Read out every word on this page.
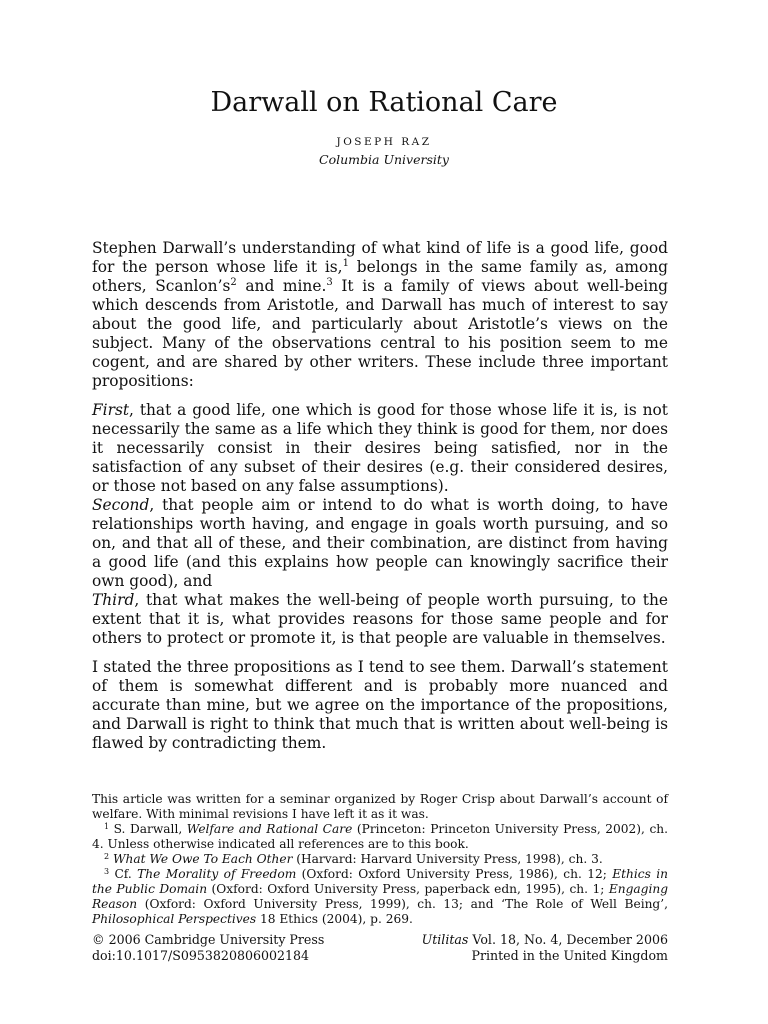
Darwall on Rational Care
JOSEPH RAZ
Columbia University

Stephen Darwall’s understanding of what kind of life is a good life, good for the person whose life it is,$^1$ belongs in the same family as, among others, $Scanlon’s^2$ and mine.$^3$ It is a family of views about well-being which descends from Aristotle, and Darwall has much of interest to say about the good life, and particularly about Aristotle’s views on the subject. Many of the observations central to his position seem to me cogent, and are shared by other writers. These include three important propositions:

First, that a good life, one which is good for those whose life it is, is not necessarily the same as a life which they think is good for them, nor does it necessarily consist in their desires being satisfied, nor in the satisfaction of any subset of their desires (e.g. their considered desires, or those not based on any false assumptions).

Second, that people aim or intend to do what is worth doing, to have relationships worth having, and engage in goals worth pursuing, and so on, and that all of these, and their combination, are distinct from having a good life (and this explains how people can knowingly sacrifice their own good), and

Third, that what makes the well-being of people worth pursuing, to the extent that it is, what provides reasons for those same people and for others to protect or promote it, is that people are valuable in themselves.

I stated the three propositions as I tend to see them. Darwall’s statement of them is somewhat different and is probably more nuanced and accurate than mine, but we agree on the importance of the propositions, and Darwall is right to think that much that is written about well-being is flawed by contradicting them.

This article was written for a seminar organized by Roger Crisp about Darwall’s account of welfare. With minimal revisions I have left it as it was.

$^1$ S. Darwall, Welfare and Rational Care (Princeton: Princeton University Press, 2002), ch. 4. Unless otherwise indicated all references are to this book.

$^2$ What We Owe To Each Other (Harvard: Harvard University Press, 1998), ch. 3.

$^3$ Cf. The Morality of Freedom (Oxford: Oxford University Press, 1986), ch. 12; Ethics in the Public Domain (Oxford: Oxford University Press, paperback edn, 1995), ch. 1; Engaging Reason (Oxford: Oxford University Press, 1999), ch. 13; and ‘The Role of Well Being’, Philosophical Perspectives 18 Ethics (2004), p. 269.

© 2006 Cambridge University Press	Utilitas Vol. 18, No. 4, December 2006
doi:10.1017/S0953820806002184	Printed in the United Kingdom
